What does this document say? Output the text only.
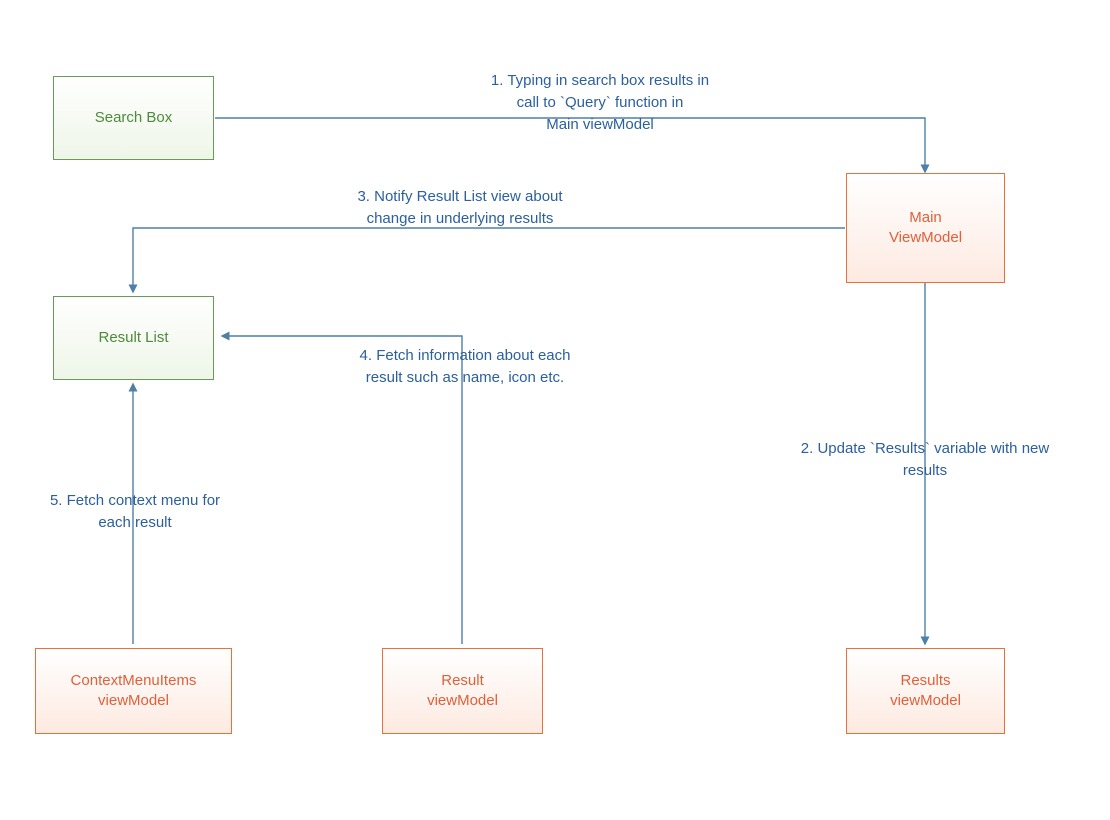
Search Box
Main
ViewModel
Result List
ContextMenuItems
viewModel
Result
viewModel
Results
viewModel
1. Typing in search box results in
call to `Query` function in
Main viewModel
2. Update `Results` variable with new
results
3. Notify Result List view about
change in underlying results
4. Fetch information about each
result such as name, icon etc.
5. Fetch context menu for
each result
